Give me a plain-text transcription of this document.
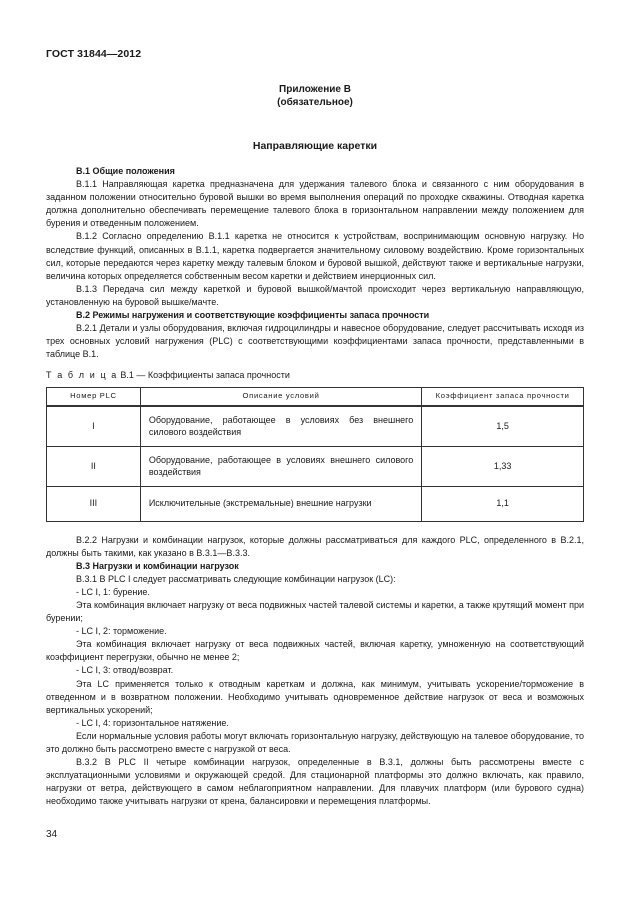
ГОСТ 31844—2012
Приложение В
(обязательное)
Направляющие каретки

В.1 Общие положения

В.1.1 Направляющая каретка предназначена для удержания талевого блока и связанного с ним оборудования в заданном положении относительно буровой вышки во время выполнения операций по проходке скважины. Отводная каретка должна дополнительно обеспечивать перемещение талевого блока в горизонтальном направлении между положением для бурения и отведенным положением.

В.1.2 Согласно определению В.1.1 каретка не относится к устройствам, воспринимающим основную нагрузку. Но вследствие функций, описанных в В.1.1, каретка подвергается значительному силовому воздействию. Кроме горизонтальных сил, которые передаются через каретку между талевым блоком и буровой вышкой, действуют также и вертикальные нагрузки, величина которых определяется собственным весом каретки и действием инерционных сил.

В.1.3 Передача сил между кареткой и буровой вышкой/мачтой происходит через вертикальную направляющую, установленную на буровой вышке/мачте.

В.2 Режимы нагружения и соответствующие коэффициенты запаса прочности

В.2.1 Детали и узлы оборудования, включая гидроцилиндры и навесное оборудование, следует рассчитывать исходя из трех основных условий нагружения (PLC) с соответствующими коэффициентами запаса прочности, представленными в таблице В.1.

Т а б л и ц а В.1 — Коэффициенты запаса прочности

Номер PLC	Описание условий	Коэффициент запаса прочности
I	Оборудование, работающее в условиях без внешнего силового воздействия	1,5
II	Оборудование, работающее в условиях внешнего силового воздействия	1,33
III	Исключительные (экстремальные) внешние нагрузки	1,1

В.2.2 Нагрузки и комбинации нагрузок, которые должны рассматриваться для каждого PLC, определенного в В.2.1, должны быть такими, как указано в В.3.1—В.3.3.

В.3 Нагрузки и комбинации нагрузок

В.3.1 В PLC I следует рассматривать следующие комбинации нагрузок (LC):

- LC I, 1: бурение.

Эта комбинация включает нагрузку от веса подвижных частей талевой системы и каретки, а также крутящий момент при бурении;

- LC I, 2: торможение.

Эта комбинация включает нагрузку от веса подвижных частей, включая каретку, умноженную на соответствующий коэффициент перегрузки, обычно не менее 2;

- LC I, 3: отвод/возврат.

Эта LC применяется только к отводным кареткам и должна, как минимум, учитывать ускорение/торможение в отведенном и в возвратном положении. Необходимо учитывать одновременное действие нагрузок от веса и возможных вертикальных ускорений;

- LC I, 4: горизонтальное натяжение.

Если нормальные условия работы могут включать горизонтальную нагрузку, действующую на талевое оборудование, то это должно быть рассмотрено вместе с нагрузкой от веса.

В.3.2 В PLC II четыре комбинации нагрузок, определенные в В.3.1, должны быть рассмотрены вместе с эксплуатационными условиями и окружающей средой. Для стационарной платформы это должно включать, как правило, нагрузки от ветра, действующего в самом неблагоприятном направлении. Для плавучих платформ (или бурового судна) необходимо также учитывать нагрузки от крена, балансировки и перемещения платформы.

34
